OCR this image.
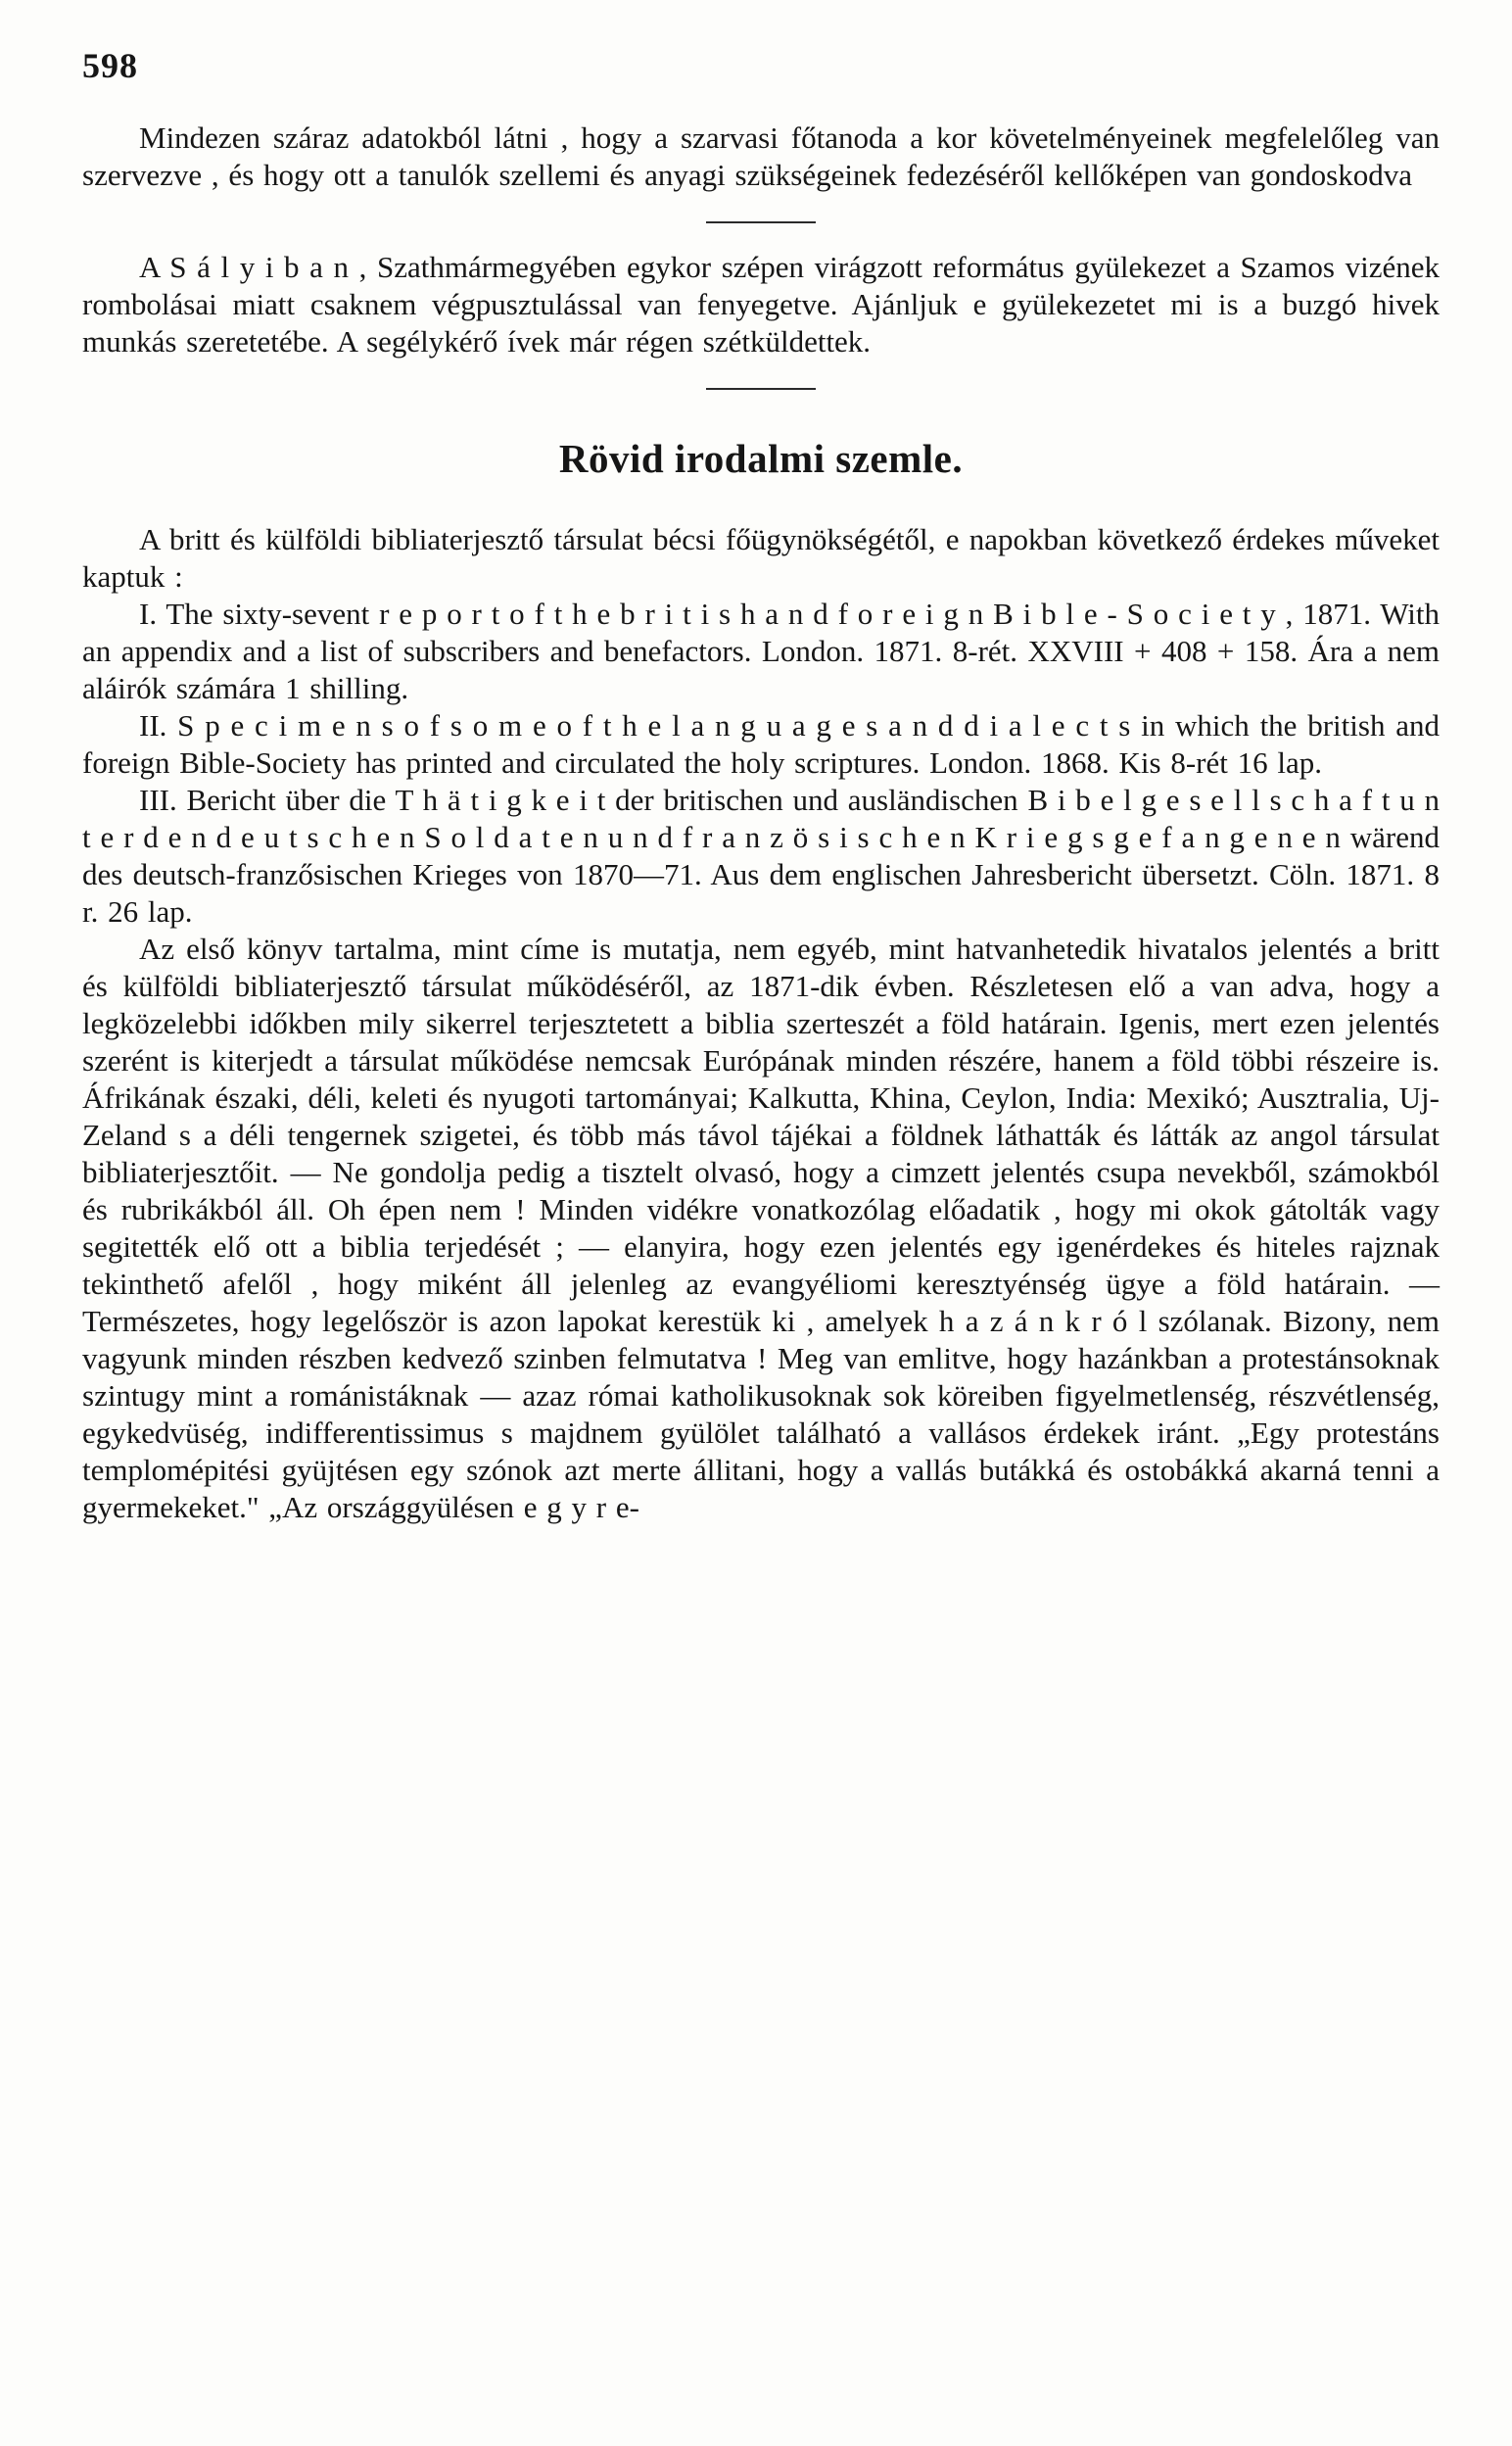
598

Mindezen száraz adatokból látni , hogy a szarvasi főtanoda a kor követelményeinek megfelelőleg van szervezve , és hogy ott a tanulók szellemi és anyagi szükségeinek fedezéséről kellőképen van gondoskodva

A S á l y i b a n , Szathmármegyében egykor szépen virágzott református gyülekezet a Szamos vizének rombolásai miatt csaknem végpusztulással van fenyegetve. Ajánljuk e gyülekezetet mi is a buzgó hivek munkás szeretetébe. A segélykérő ívek már régen szétküldettek.

Rövid irodalmi szemle.

A britt és külföldi bibliaterjesztő társulat bécsi főügynökségétől, e napokban következő érdekes műveket kaptuk :

I. The sixty-sevent r e p o r t o f t h e b r i t i s h a n d f o r e i g n B i b l e - S o c i e t y , 1871. With an appendix and a list of subscribers and benefactors. London. 1871. 8-rét. XXVIII + 408 + 158. Ára a nem aláirók számára 1 shilling.

II. S p e c i m e n s o f s o m e o f t h e l a n g u a g e s a n d d i a l e c t s in which the british and foreign Bible-Society has printed and circulated the holy scriptures. London. 1868. Kis 8-rét 16 lap.

III. Bericht über die T h ä t i g k e i t der britischen und ausländischen B i b e l g e s e l l s c h a f t u n t e r d e n d e u t s c h e n S o l d a t e n u n d f r a n z ö s i s c h e n K r i e g s g e f a n g e n e n wärend des deutsch-franzősischen Krieges von 1870—71. Aus dem englischen Jahresbericht übersetzt. Cöln. 1871. 8 r. 26 lap.

Az első könyv tartalma, mint címe is mutatja, nem egyéb, mint hatvanhetedik hivatalos jelentés a britt és külföldi bibliaterjesztő társulat működéséről, az 1871-dik évben. Részletesen elő a van adva, hogy a legközelebbi időkben mily sikerrel terjesztetett a biblia szerteszét a föld határain. Igenis, mert ezen jelentés szerént is kiterjedt a társulat működése nemcsak Európának minden részére, hanem a föld többi részeire is. Áfrikának északi, déli, keleti és nyugoti tartományai; Kalkutta, Khina, Ceylon, India: Mexikó; Ausztralia, Uj-Zeland s a déli tengernek szigetei, és több más távol tájékai a földnek láthatták és látták az angol társulat bibliaterjesztőit. — Ne gondolja pedig a tisztelt olvasó, hogy a cimzett jelentés csupa nevekből, számokból és rubrikákból áll. Oh épen nem ! Minden vidékre vonatkozólag előadatik , hogy mi okok gátolták vagy segitették elő ott a biblia terjedését ; — elanyira, hogy ezen jelentés egy igenérdekes és hiteles rajznak tekinthető afelől , hogy miként áll jelenleg az evangyéliomi keresztyénség ügye a föld határain. — Természetes, hogy legelőször is azon lapokat kerestük ki , amelyek h a z á n k r ó l szólanak. Bizony, nem vagyunk minden részben kedvező szinben felmutatva ! Meg van emlitve, hogy hazánkban a protestánsoknak szintugy mint a románistáknak — azaz római katholikusoknak sok köreiben figyelmetlenség, részvétlenség, egykedvüség, indifferentissimus s majdnem gyülölet található a vallásos érdekek iránt. „Egy protestáns templomépitési gyüjtésen egy szónok azt merte állitani, hogy a vallás butákká és ostobákká akarná tenni a gyermekeket." „Az országgyülésen e g y r e-
